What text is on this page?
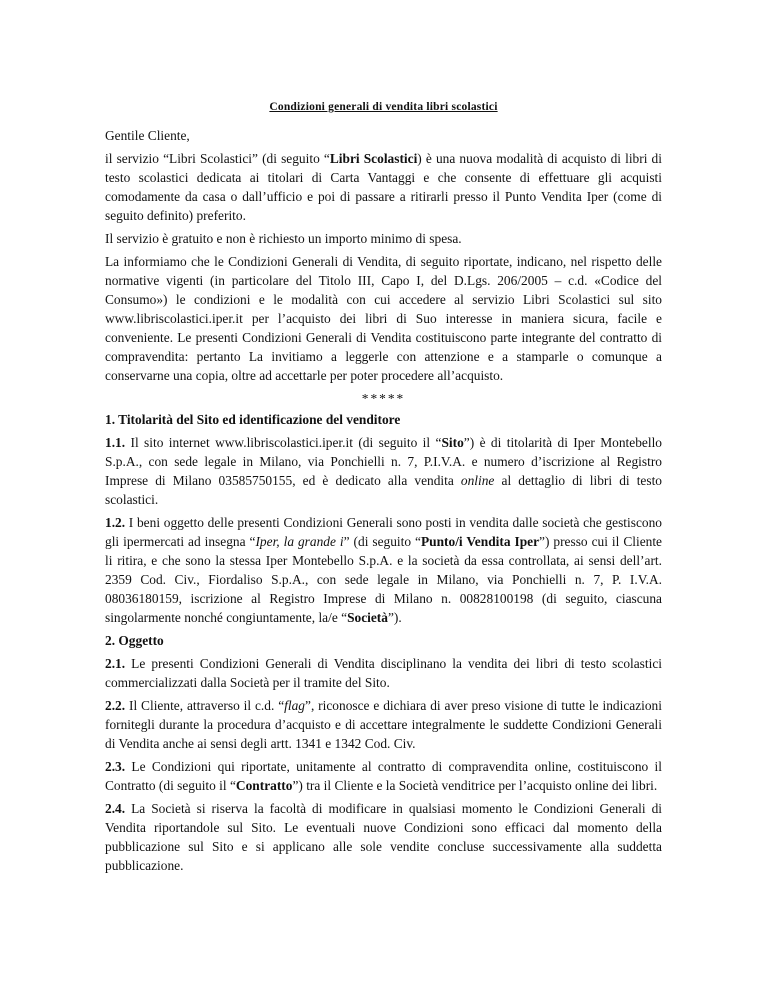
Condizioni generali di vendita libri scolastici

Gentile Cliente,

il servizio “Libri Scolastici” (di seguito “Libri Scolastici) è una nuova modalità di acquisto di libri di testo scolastici dedicata ai titolari di Carta Vantaggi e che consente di effettuare gli acquisti comodamente da casa o dall’ufficio e poi di passare a ritirarli presso il Punto Vendita Iper (come di seguito definito) preferito.

Il servizio è gratuito e non è richiesto un importo minimo di spesa.

La informiamo che le Condizioni Generali di Vendita, di seguito riportate, indicano, nel rispetto delle normative vigenti (in particolare del Titolo III, Capo I, del D.Lgs. 206/2005 – c.d. «Codice del Consumo») le condizioni e le modalità con cui accedere al servizio Libri Scolastici sul sito www.libriscolastici.iper.it per l’acquisto dei libri di Suo interesse in maniera sicura, facile e conveniente. Le presenti Condizioni Generali di Vendita costituiscono parte integrante del contratto di compravendita: pertanto La invitiamo a leggerle con attenzione e a stamparle o comunque a conservarne una copia, oltre ad accettarle per poter procedere all’acquisto.

*****

1. Titolarità del Sito ed identificazione del venditore

1.1. Il sito internet www.libriscolastici.iper.it (di seguito il “Sito”) è di titolarità di Iper Montebello S.p.A., con sede legale in Milano, via Ponchielli n. 7, P.I.V.A. e numero d’iscrizione al Registro Imprese di Milano 03585750155, ed è dedicato alla vendita online al dettaglio di libri di testo scolastici.

1.2. I beni oggetto delle presenti Condizioni Generali sono posti in vendita dalle società che gestiscono gli ipermercati ad insegna “Iper, la grande i” (di seguito “Punto/i Vendita Iper”) presso cui il Cliente li ritira, e che sono la stessa Iper Montebello S.p.A. e la società da essa controllata, ai sensi dell’art. 2359 Cod. Civ., Fiordaliso S.p.A., con sede legale in Milano, via Ponchielli n. 7, P. I.V.A. 08036180159, iscrizione al Registro Imprese di Milano n. 00828100198 (di seguito, ciascuna singolarmente nonché congiuntamente, la/e “Società”).

2. Oggetto

2.1. Le presenti Condizioni Generali di Vendita disciplinano la vendita dei libri di testo scolastici commercializzati dalla Società per il tramite del Sito.

2.2. Il Cliente, attraverso il c.d. “flag”, riconosce e dichiara di aver preso visione di tutte le indicazioni fornitegli durante la procedura d’acquisto e di accettare integralmente le suddette Condizioni Generali di Vendita anche ai sensi degli artt. 1341 e 1342 Cod. Civ.

2.3. Le Condizioni qui riportate, unitamente al contratto di compravendita online, costituiscono il Contratto (di seguito il “Contratto”) tra il Cliente e la Società venditrice per l’acquisto online dei libri.

2.4. La Società si riserva la facoltà di modificare in qualsiasi momento le Condizioni Generali di Vendita riportandole sul Sito. Le eventuali nuove Condizioni sono efficaci dal momento della pubblicazione sul Sito e si applicano alle sole vendite concluse successivamente alla suddetta pubblicazione.
